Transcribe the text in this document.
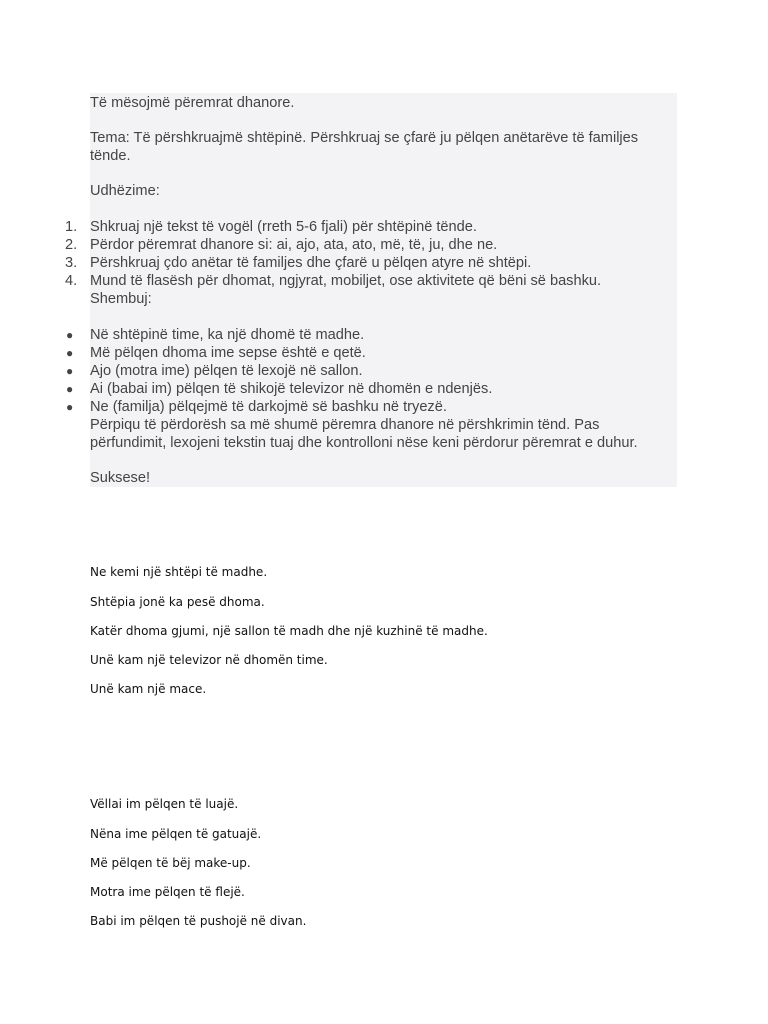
Të mësojmë përemrat dhanore.

Tema: Të përshkruajmë shtëpinë. Përshkruaj se çfarë ju pëlqen anëtarëve të familjes

tënde.

Udhëzime:

1. Shkruaj një tekst të vogël (rreth 5-6 fjali) për shtëpinë tënde.
2. Përdor përemrat dhanore si: ai, ajo, ata, ato, më, të, ju, dhe ne.
3. Përshkruaj çdo anëtar të familjes dhe çfarë u pëlqen atyre në shtëpi.
4. Mund të flasësh për dhomat, ngjyrat, mobiljet, ose aktivitete që bëni së bashku.

Shembuj:

● Në shtëpinë time, ka një dhomë të madhe.
● Më pëlqen dhoma ime sepse është e qetë.
● Ajo (motra ime) pëlqen të lexojë në sallon.
● Ai (babai im) pëlqen të shikojë televizor në dhomën e ndenjës.
● Ne (familja) pëlqejmë të darkojmë së bashku në tryezë.

Përpiqu të përdorësh sa më shumë përemra dhanore në përshkrimin tënd. Pas

përfundimit, lexojeni tekstin tuaj dhe kontrolloni nëse keni përdorur përemrat e duhur.

Suksese!

Ne kemi një shtëpi të madhe.
Shtëpia jonë ka pesë dhoma.
Katër dhoma gjumi, një sallon të madh dhe një kuzhinë të madhe.
Unë kam një televizor në dhomën time.
Unë kam një mace.
Vëllai im pëlqen të luajë.
Nëna ime pëlqen të gatuajë.
Më pëlqen të bëj make-up.
Motra ime pëlqen të flejë.
Babi im pëlqen të pushojë në divan.
